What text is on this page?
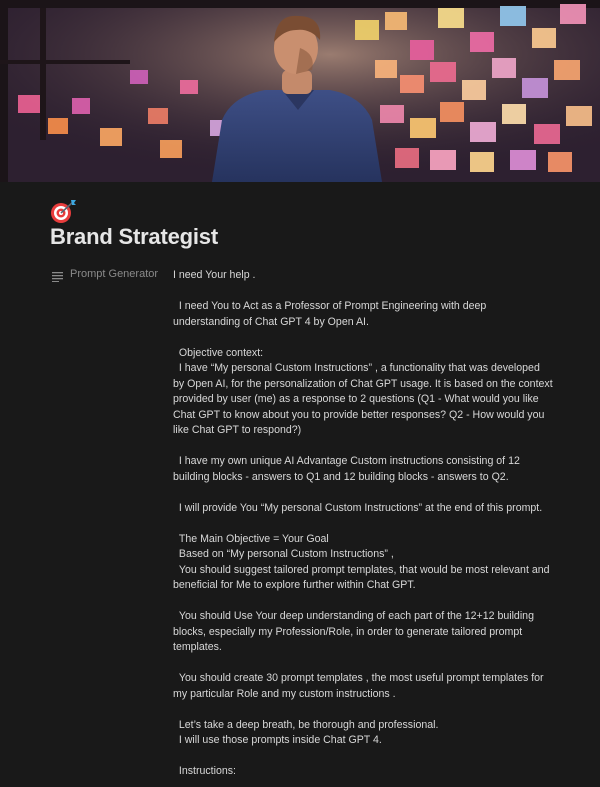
Brand Strategist
Prompt Generator I need Your help .
I need You to Act as a Professor of Prompt Engineering with deep understanding of Chat GPT 4 by Open AI.
Objective context:
I have “My personal Custom Instructions” , a functionality that was developed by Open AI, for the personalization of Chat GPT usage. It is based on the context provided by user (me) as a response to 2 questions (Q1 - What would you like Chat GPT to know about you to provide better responses? Q2 - How would you like Chat GPT to respond?)
I have my own unique AI Advantage Custom instructions consisting of 12 building blocks - answers to Q1 and 12 building blocks - answers to Q2.
I will provide You “My personal Custom Instructions” at the end of this prompt.
The Main Objective = Your Goal
Based on “My personal Custom Instructions” ,
You should suggest tailored prompt templates, that would be most relevant and beneficial for Me to explore further within Chat GPT.
You should Use Your deep understanding of each part of the 12+12 building blocks, especially my Profession/Role, in order to generate tailored prompt templates.
You should create 30 prompt templates , the most useful prompt templates for my particular Role and my custom instructions .
Let’s take a deep breath, be thorough and professional.
I will use those prompts inside Chat GPT 4.
Instructions:
